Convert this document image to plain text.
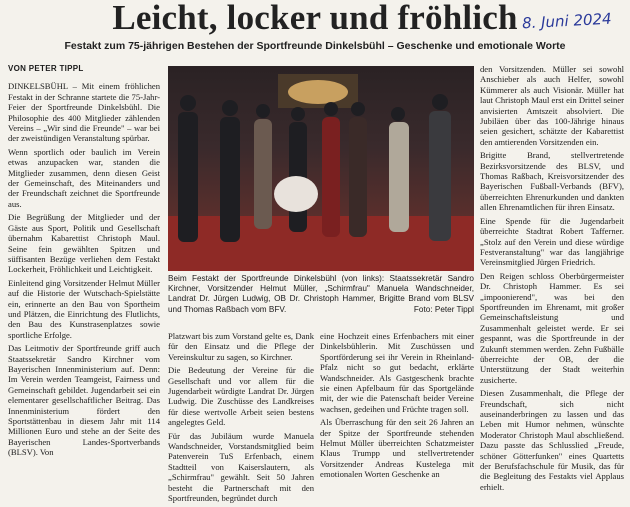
Leicht, locker und fröhlich 8. Juni 2024
Festakt zum 75-jährigen Bestehen der Sportfreunde Dinkelsbühl – Geschenke und emotionale Worte
VON PETER TIPPL

DINKELSBÜHL – Mit einem fröhlichen Festakt in der Schranne startete die 75-Jahr-Feier der Sportfreunde Dinkelsbühl. Die Philosophie des 400 Mitglieder zählenden Vereins – „Wir sind die Freunde" – war bei der zweistündigen Veranstaltung spürbar.

Wenn sportlich oder baulich im Verein etwas anzupacken war, standen die Mitglieder zusammen, denn diesen Geist der Gemeinschaft, des Miteinanders und der Freundschaft zeichnet die Sportfreunde aus.

Die Begrüßung der Mitglieder und der Gäste aus Sport, Politik und Gesellschaft übernahm Kabarettist Christoph Maul. Seine fein gewählten Spitzen und süffisanten Bezüge verliehen dem Festakt Lockerheit, Fröhlichkeit und Leichtigkeit.

Einleitend ging Vorsitzender Helmut Müller auf die Historie der Wutschach-Spielstätte ein, erinnerte an den Bau von Sportheim und Plätzen, die Einrichtung des Flutlichts, den Bau des Kunstrasenplatzes sowie sportliche Erfolge.

Das Leitmotiv der Sportfreunde griff auch Staatssekretär Sandro Kirchner vom Bayerischen Innenministerium auf. Denn: Im Verein werden Teamgeist, Fairness und Gemeinschaft gebildet. Jugendarbeit sei ein elementarer gesellschaftlicher Beitrag. Das Innenministerium fördert den Sportstättenbau in diesem Jahr mit 114 Millionen Euro und stehe an der Seite des Bayerischen Landes-Sportverbands (BLSV). Von

Beim Festakt der Sportfreunde Dinkelsbühl (von links): Staatssekretär Sandro Kirchner, Vorsitzender Helmut Müller, „Schirmfrau" Manuela Wandschneider, Landrat Dr. Jürgen Ludwig, OB Dr. Christoph Hammer, Brigitte Brand vom BLSV und Thomas Raßbach vom BFV.	Foto: Peter Tippl

Platzwart bis zum Vorstand gelte es, Dank für den Einsatz und die Pflege der Vereinskultur zu sagen, so Kirchner.

Die Bedeutung der Vereine für die Gesellschaft und vor allem für die Jugendarbeit würdigte Landrat Dr. Jürgen Ludwig. Die Zuschüsse des Landkreises für diese wertvolle Arbeit seien bestens angelegtes Geld.

Für das Jubiläum wurde Manuela Wandschneider, Vorstandsmitglied beim Patenverein TuS Erfenbach, einem Stadtteil von Kaiserslautern, als „Schirmfrau" gewählt. Seit 50 Jahren besteht die Partnerschaft mit den Sportfreunden, begründet durch

eine Hochzeit eines Erfenbachers mit einer Dinkelsbühlerin. Mit Zuschüssen und Sportförderung sei ihr Verein in Rheinland-Pfalz nicht so gut bedacht, erklärte Wandschneider. Als Gastgeschenk brachte sie einen Apfelbaum für das Sportgelände mit, der wie die Patenschaft beider Vereine wachsen, gedeihen und Früchte tragen soll.

Als Überraschung für den seit 26 Jahren an der Spitze der Sportfreunde stehenden Helmut Müller überreichten Schatzmeister Klaus Trumpp und stellvertretender Vorsitzender Andreas Kustelega mit emotionalen Worten Geschenke an

den Vorsitzenden. Müller sei sowohl Anschieber als auch Helfer, sowohl Kümmerer als auch Visionär. Müller hat laut Christoph Maul erst ein Drittel seiner anvisierten Amtszeit absolviert. Die Jubiläen über das 100-Jährige hinaus seien gesichert, schätzte der Kabarettist den amtierenden Vorsitzenden ein.

Brigitte Brand, stellvertretende Bezirksvorsitzende des BLSV, und Thomas Raßbach, Kreisvorsitzender des Bayerischen Fußball-Verbands (BFV), überreichten Ehrenurkunden und dankten allen Ehrenamtlichen für ihren Einsatz.

Eine Spende für die Jugendarbeit überreichte Stadtrat Robert Tafferner. „Stolz auf den Verein und diese würdige Festveranstaltung" war das langjährige Vereinsmitglied Jürgen Friedrich.

Den Reigen schloss Oberbürgermeister Dr. Christoph Hammer. Es sei „impoonierend", was bei den Sportfreunden im Ehrenamt, mit großer Gemeinschaftsleistung und Zusammenhalt geleistet werde. Er sei gespannt, was die Sportfreunde in der Zukunft stemmen werden. Zehn Fußbälle überreichte der OB, der die Unterstützung der Stadt weiterhin zusicherte.

Diesen Zusammenhalt, die Pflege der Freundschaft, sich nicht auseinanderbringen zu lassen und das Leben mit Humor nehmen, wünschte Moderator Christoph Maul abschließend. Dazu passte das Schlusslied „Freude, schöner Götterfunken" eines Quartetts der Berufsfachschule für Musik, das für die Begleitung des Festakts viel Applaus erhielt.
